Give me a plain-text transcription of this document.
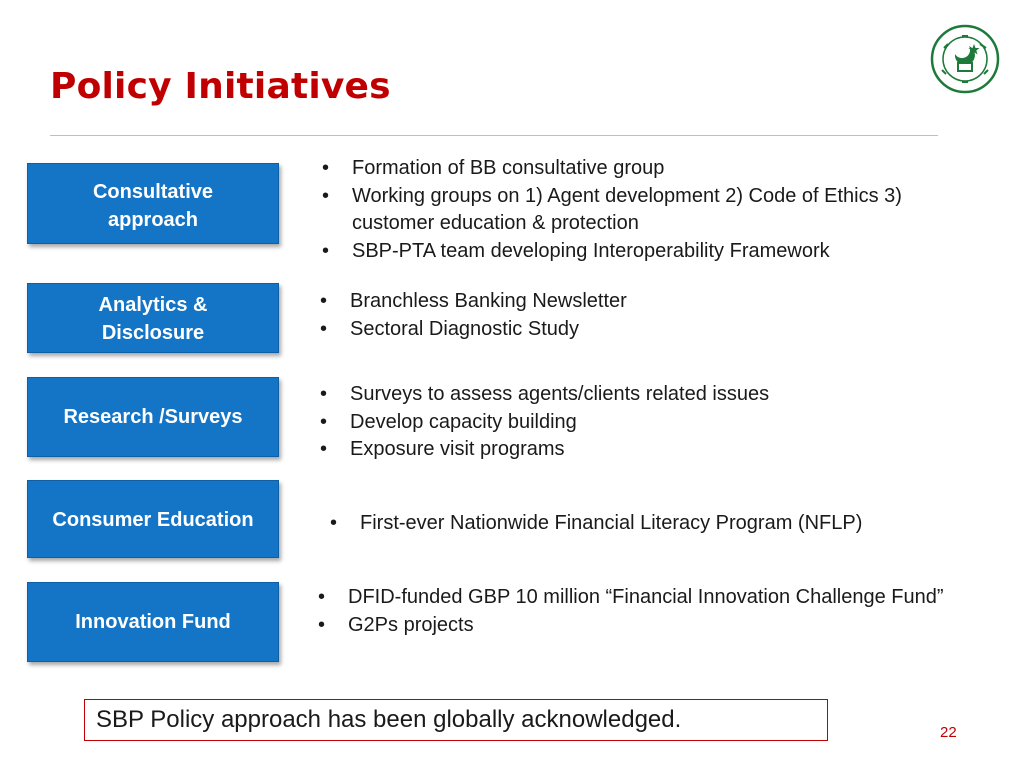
Policy Initiatives
Consultative
approach
• Formation of BB consultative group
• Working groups on 1) Agent development 2) Code of Ethics 3) customer education & protection
• SBP-PTA team developing Interoperability Framework
Analytics &
Disclosure
• Branchless Banking Newsletter
• Sectoral Diagnostic Study
Research /Surveys
• Surveys to assess agents/clients related issues
• Develop capacity building
• Exposure visit programs
Consumer Education	• First-ever Nationwide Financial Literacy Program (NFLP)
Innovation Fund
• DFID-funded GBP 10 million “Financial Innovation Challenge Fund”
• G2Ps projects
SBP Policy approach has been globally acknowledged.	22
